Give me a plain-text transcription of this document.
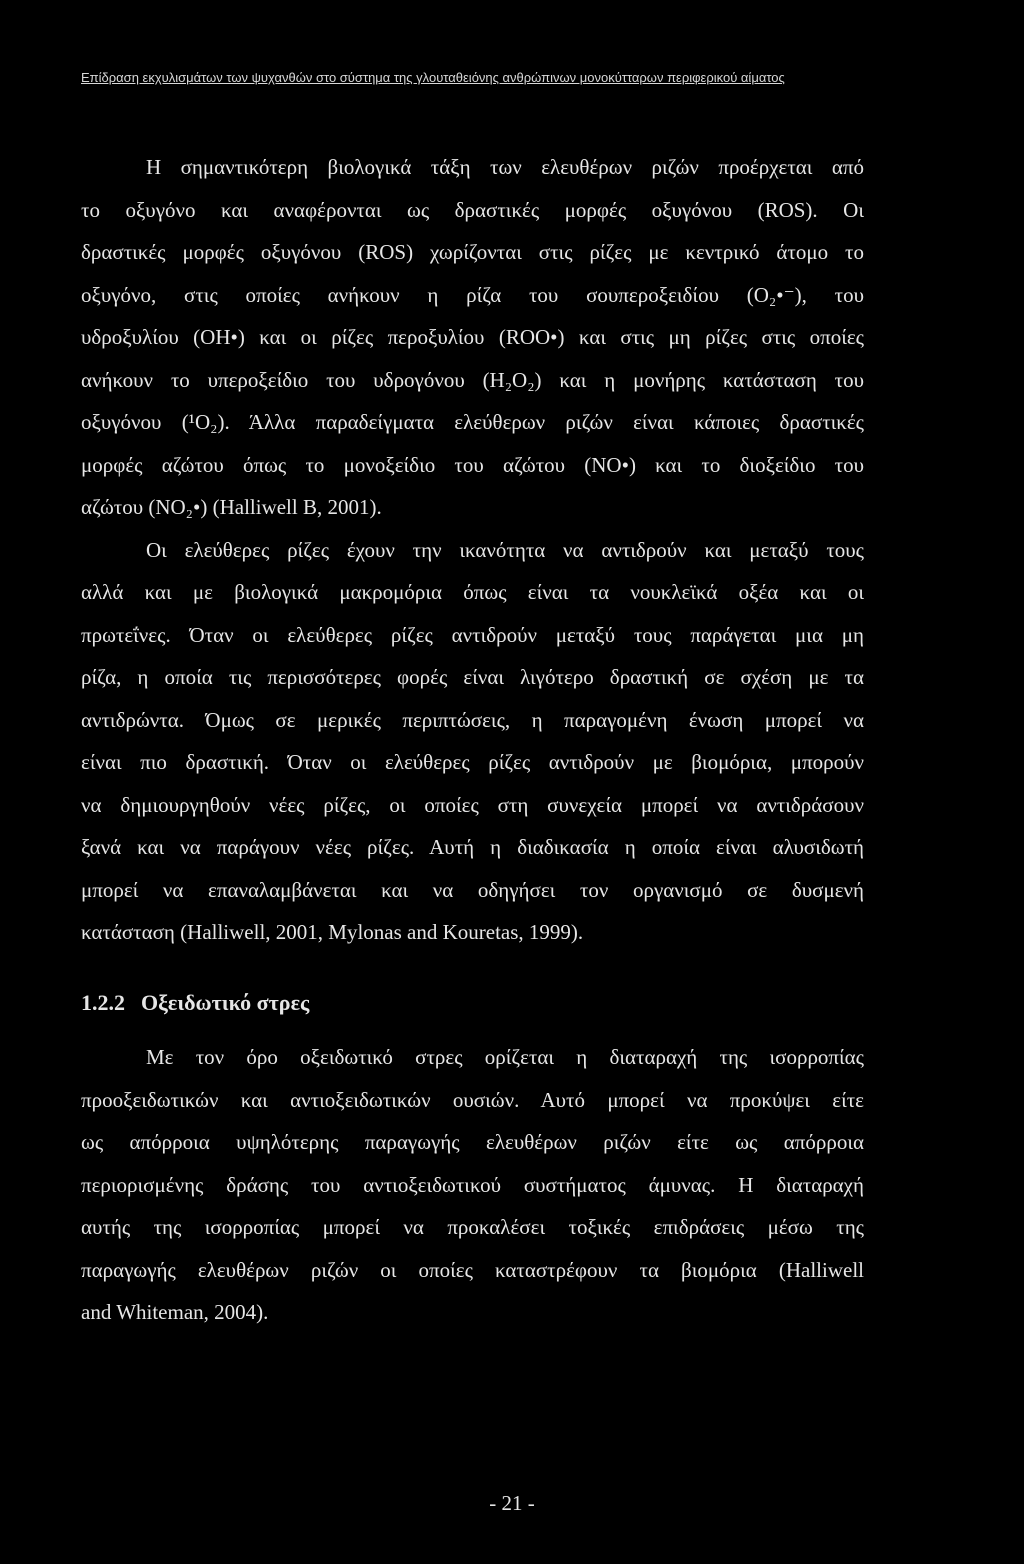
Επίδραση εκχυλισμάτων των ψυχανθών στο σύστημα της γλουταθειόνης ανθρώπινων μονοκύτταρων περιφερικού αίματος
Η σημαντικότερη βιολογικά τάξη των ελευθέρων ριζών προέρχεται από
το οξυγόνο και αναφέρονται ως δραστικές μορφές οξυγόνου (ROS). Οι
δραστικές μορφές οξυγόνου (ROS) χωρίζονται στις ρίζες με κεντρικό άτομο το
οξυγόνο, στις οποίες ανήκουν η ρίζα του σουπεροξειδίου (O₂•⁻), του
υδροξυλίου (OH•) και οι ρίζες περοξυλίου (ROO•) και στις μη ρίζες στις οποίες
ανήκουν το υπεροξείδιο του υδρογόνου (H₂O₂) και η μονήρης κατάσταση του
οξυγόνου (¹O₂). Άλλα παραδείγματα ελεύθερων ριζών είναι κάποιες δραστικές
μορφές αζώτου όπως το μονοξείδιο του αζώτου (NO•) και το διοξείδιο του
αζώτου (NO₂•) (Halliwell B, 2001).
Οι ελεύθερες ρίζες έχουν την ικανότητα να αντιδρούν και μεταξύ τους
αλλά και με βιολογικά μακρομόρια όπως είναι τα νουκλεϊκά οξέα και οι
πρωτεΐνες. Όταν οι ελεύθερες ρίζες αντιδρούν μεταξύ τους παράγεται μια μη
ρίζα, η οποία τις περισσότερες φορές είναι λιγότερο δραστική σε σχέση με τα
αντιδρώντα. Όμως σε μερικές περιπτώσεις, η παραγομένη ένωση μπορεί να
είναι πιο δραστική. Όταν οι ελεύθερες ρίζες αντιδρούν με βιομόρια, μπορούν
να δημιουργηθούν νέες ρίζες, οι οποίες στη συνεχεία μπορεί να αντιδράσουν
ξανά και να παράγουν νέες ρίζες. Αυτή η διαδικασία η οποία είναι αλυσιδωτή
μπορεί να επαναλαμβάνεται και να οδηγήσει τον οργανισμό σε δυσμενή
κατάσταση (Halliwell, 2001, Mylonas and Kouretas, 1999).
1.2.2 Οξειδωτικό στρες
Με τον όρο οξειδωτικό στρες ορίζεται η διαταραχή της ισορροπίας
προοξειδωτικών και αντιοξειδωτικών ουσιών. Αυτό μπορεί να προκύψει είτε
ως απόρροια υψηλότερης παραγωγής ελευθέρων ριζών είτε ως απόρροια
περιορισμένης δράσης του αντιοξειδωτικού συστήματος άμυνας. Η διαταραχή
αυτής της ισορροπίας μπορεί να προκαλέσει τοξικές επιδράσεις μέσω της
παραγωγής ελευθέρων ριζών οι οποίες καταστρέφουν τα βιομόρια (Halliwell
and Whiteman, 2004).
- 21 -
